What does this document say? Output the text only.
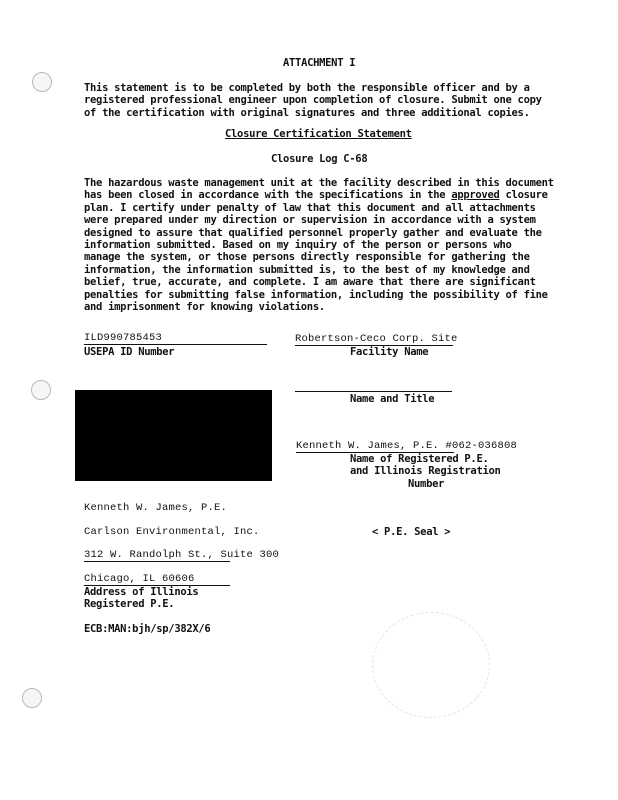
ATTACHMENT I
This statement is to be completed by both the responsible officer and by a
registered professional engineer upon completion of closure. Submit one copy
of the certification with original signatures and three additional copies.
Closure Certification Statement
Closure Log C-68
The hazardous waste management unit at the facility described in this document
has been closed in accordance with the specifications in the approved closure
plan. I certify under penalty of law that this document and all attachments
were prepared under my direction or supervision in accordance with a system
designed to assure that qualified personnel properly gather and evaluate the
information submitted. Based on my inquiry of the person or persons who
manage the system, or those persons directly responsible for gathering the
information, the information submitted is, to the best of my knowledge and
belief, true, accurate, and complete. I am aware that there are significant
penalties for submitting false information, including the possibility of fine
and imprisonment for knowing violations.
ILD990785453
USEPA ID Number
Robertson-Ceco Corp. Site
Facility Name
Name and Title
Kenneth W. James, P.E. #062-036808
Name of Registered P.E.
and Illinois Registration
Number
Kenneth W. James, P.E.
Carlson Environmental, Inc.
312 W. Randolph St., Suite 300
Chicago, IL 60606
< P.E. Seal >
Address of Illinois
Registered P.E.
ECB:MAN:bjh/sp/382X/6
